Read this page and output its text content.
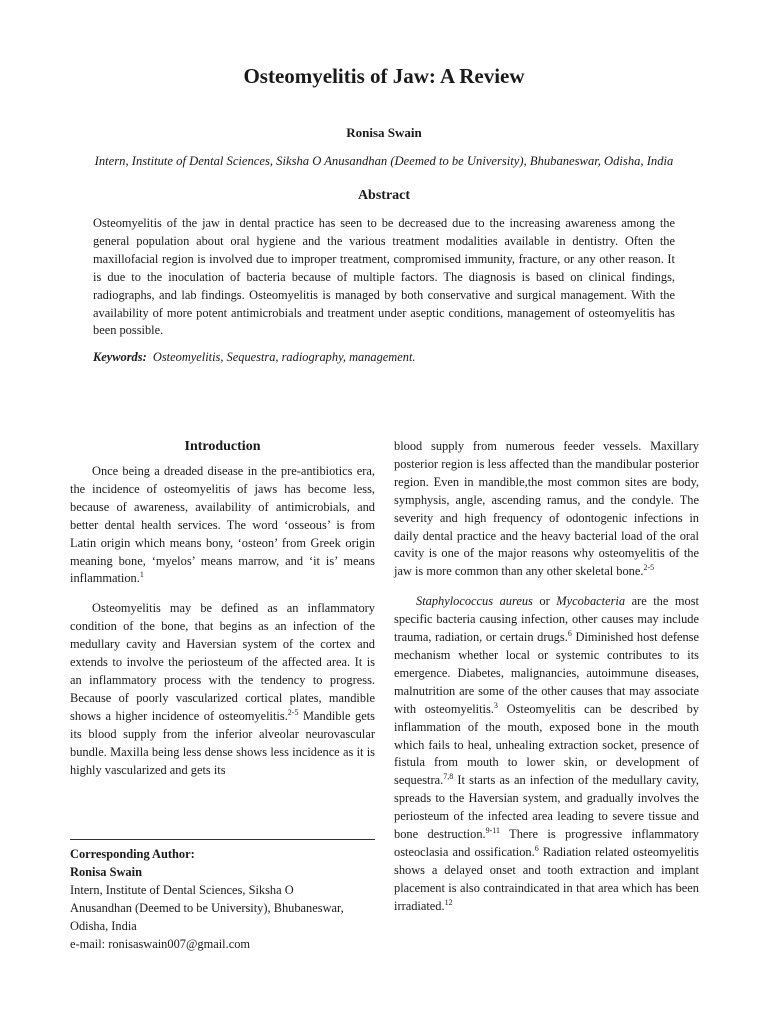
Osteomyelitis of Jaw: A Review
Ronisa Swain
Intern, Institute of Dental Sciences, Siksha O Anusandhan (Deemed to be University), Bhubaneswar, Odisha, India
Abstract

Osteomyelitis of the jaw in dental practice has seen to be decreased due to the increasing awareness among the general population about oral hygiene and the various treatment modalities available in dentistry. Often the maxillofacial region is involved due to improper treatment, compromised immunity, fracture, or any other reason. It is due to the inoculation of bacteria because of multiple factors. The diagnosis is based on clinical findings, radiographs, and lab findings. Osteomyelitis is managed by both conservative and surgical management. With the availability of more potent antimicrobials and treatment under aseptic conditions, management of osteomyelitis has been possible.

Keywords: Osteomyelitis, Sequestra, radiography, management.
Introduction

Once being a dreaded disease in the pre-antibiotics era, the incidence of osteomyelitis of jaws has become less, because of awareness, availability of antimicrobials, and better dental health services. The word ‘osseous’ is from Latin origin which means bony, ‘osteon’ from Greek origin meaning bone, ‘myelos’ means marrow, and ‘it is’ means inflammation.$^1$

Osteomyelitis may be defined as an inflammatory condition of the bone, that begins as an infection of the medullary cavity and Haversian system of the cortex and extends to involve the periosteum of the affected area. It is an inflammatory process with the tendency to progress. Because of poorly vascularized cortical plates, mandible shows a higher incidence of osteomyelitis.$^{2-5}$ Mandible gets its blood supply from the inferior alveolar neurovascular bundle. Maxilla being less dense shows less incidence as it is highly vascularized and gets its

blood supply from numerous feeder vessels. Maxillary posterior region is less affected than the mandibular posterior region. Even in mandible,the most common sites are body, symphysis, angle, ascending ramus, and the condyle. The severity and high frequency of odontogenic infections in daily dental practice and the heavy bacterial load of the oral cavity is one of the major reasons why osteomyelitis of the jaw is more common than any other skeletal bone.$^{2-5}$

Staphylococcus aureus or Mycobacteria are the most specific bacteria causing infection, other causes may include trauma, radiation, or certain drugs.$^6$ Diminished host defense mechanism whether local or systemic contributes to its emergence. Diabetes, malignancies, autoimmune diseases, malnutrition are some of the other causes that may associate with osteomyelitis.$^3$ Osteomyelitis can be described by inflammation of the mouth, exposed bone in the mouth which fails to heal, unhealing extraction socket, presence of fistula from mouth to lower skin, or development of sequestra.$^{7,8}$ It starts as an infection of the medullary cavity, spreads to the Haversian system, and gradually involves the periosteum of the infected area leading to severe tissue and bone destruction.$^{9-11}$ There is progressive inflammatory osteoclasia and ossification.$^6$ Radiation related osteomyelitis shows a delayed onset and tooth extraction and implant placement is also contraindicated in that area which has been irradiated.$^{12}$

Corresponding Author:
Ronisa Swain
Intern, Institute of Dental Sciences, Siksha O
Anusandhan (Deemed to be University), Bhubaneswar,
Odisha, India
e-mail: ronisaswain007@gmail.com
